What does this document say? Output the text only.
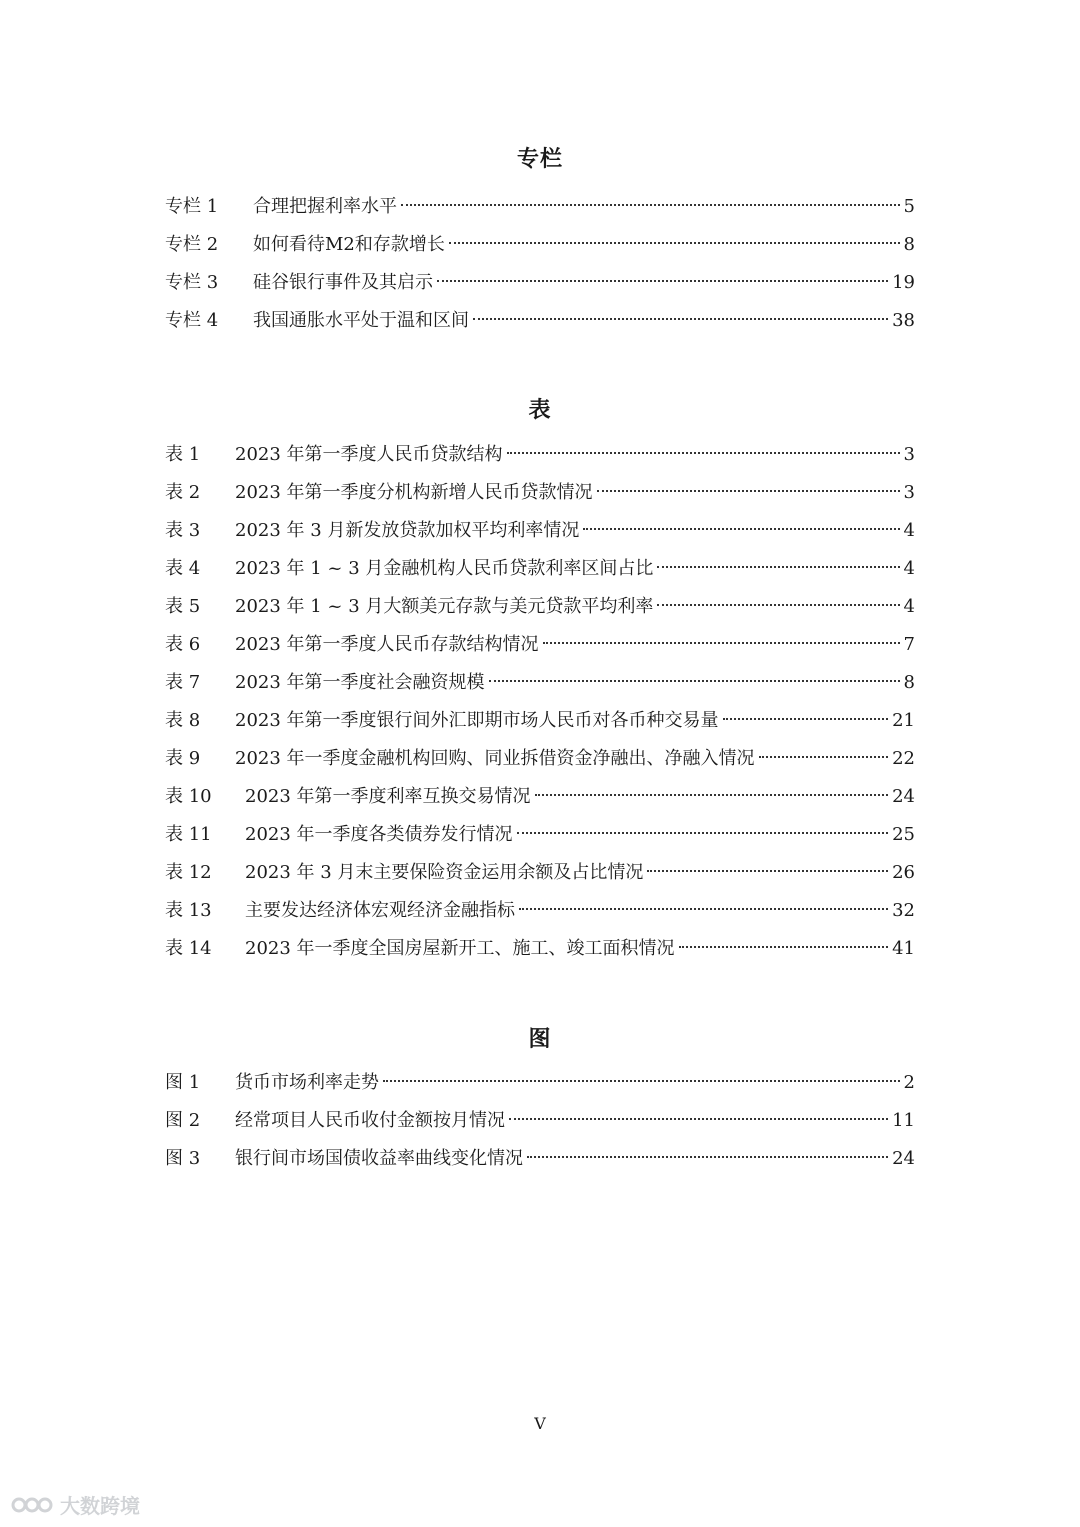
专栏
专栏 1	合理把握利率水平	5
专栏 2	如何看待M2和存款增长	8
专栏 3	硅谷银行事件及其启示	19
专栏 4	我国通胀水平处于温和区间	38
表
表 1	2023 年第一季度人民币贷款结构	3
表 2	2023 年第一季度分机构新增人民币贷款情况	3
表 3	2023 年 3 月新发放贷款加权平均利率情况	4
表 4	2023 年 1 ~ 3 月金融机构人民币贷款利率区间占比	4
表 5	2023 年 1 ~ 3 月大额美元存款与美元贷款平均利率	4
表 6	2023 年第一季度人民币存款结构情况	7
表 7	2023 年第一季度社会融资规模	8
表 8	2023 年第一季度银行间外汇即期市场人民币对各币种交易量	21
表 9	2023 年一季度金融机构回购、同业拆借资金净融出、净融入情况	22
表 10	2023 年第一季度利率互换交易情况	24
表 11	2023 年一季度各类债券发行情况	25
表 12	2023 年 3 月末主要保险资金运用余额及占比情况	26
表 13	主要发达经济体宏观经济金融指标	32
表 14	2023 年一季度全国房屋新开工、施工、竣工面积情况	41
图
图 1	货币市场利率走势	2
图 2	经常项目人民币收付金额按月情况	11
图 3	银行间市场国债收益率曲线变化情况	24
V
大数跨境
